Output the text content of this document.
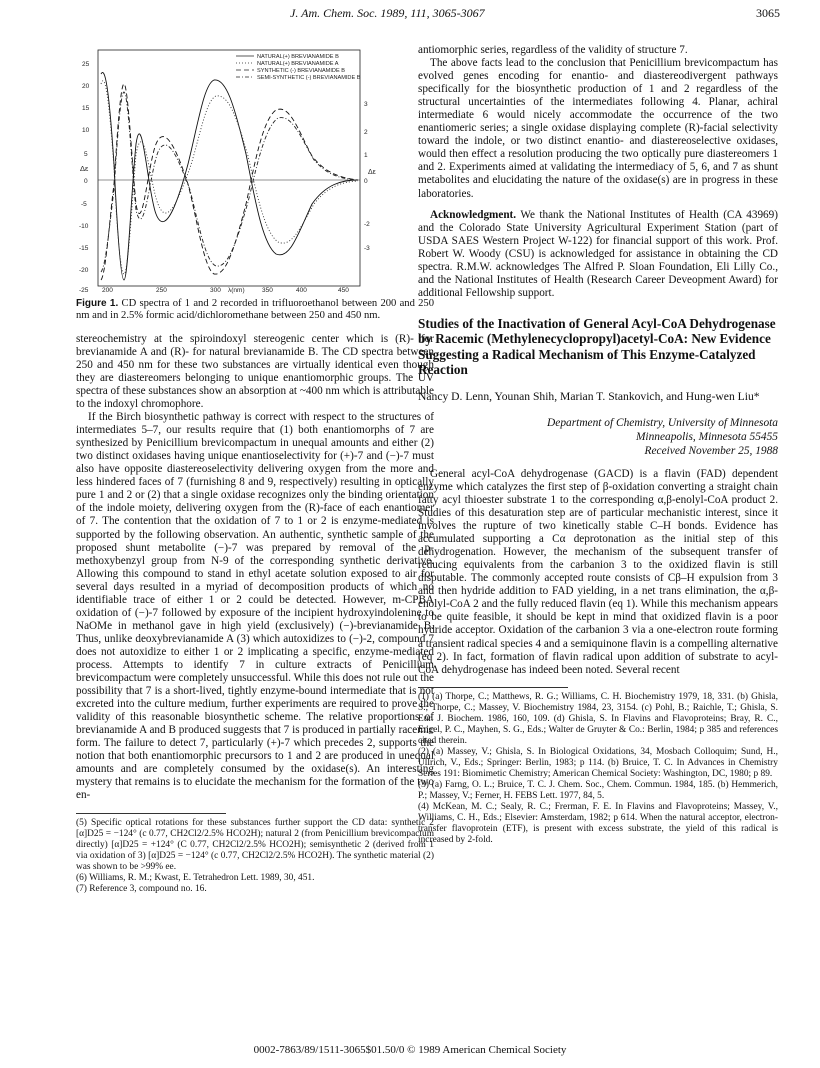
J. Am. Chem. Soc. 1989, 111, 3065-3067	3065
25
20
15
10
5
0
-5
-10
-15
-20
-25
3
2
1
0
-2
-3
200	250	300 λ(nm)	350	400	450
Δε	Δε
NATURAL(+) BREVIANAMIDE B
NATURAL(+) BREVIANAMIDE A
SYNTHETIC (-) BREVIANAMIDE B
SEMI-SYNTHETIC (-) BREVIANAMIDE B
Figure 1. CD spectra of 1 and 2 recorded in trifluoroethanol between 200 and 250 nm and in 2.5% formic acid/dichloromethane between 250 and 450 nm.

stereochemistry at the spiroindoxyl stereogenic center which is (R)- for brevianamide A and (R)- for natural brevianamide B. The CD spectra between 250 and 450 nm for these two substances are virtually identical even though they are diastereomers belonging to unique enantiomorphic groups. The UV spectra of these substances show an absorption at ~400 nm which is attributable to the indoxyl chromophore.

If the Birch biosynthetic pathway is correct with respect to the structures of intermediates 5–7, our results require that (1) both enantiomorphs of 7 are synthesized by Penicillium brevicompactum in unequal amounts and either (2) two distinct oxidases having unique enantioselectivity for (+)-7 and (−)-7 must also have opposite diastereoselectivity delivering oxygen from the more and less hindered faces of 7 (furnishing 8 and 9, respectively) resulting in optically pure 1 and 2 or (2) that a single oxidase recognizes only the binding orientation of the indole moiety, delivering oxygen from the (R)-face of each enantiomer of 7. The contention that the oxidation of 7 to 1 or 2 is enzyme-mediated is supported by the following observation. An authentic, synthetic sample of the proposed shunt metabolite (−)-7 was prepared by removal of the p-methoxybenzyl group from N-9 of the corresponding synthetic derivative. Allowing this compound to stand in ethyl acetate solution exposed to air for several days resulted in a myriad of decomposition products of which no identifiable trace of either 1 or 2 could be detected. However, m-CPBA oxidation of (−)-7 followed by exposure of the incipient hydroxyindolenine to NaOMe in methanol gave in high yield (exclusively) (−)-brevianamide B. Thus, unlike deoxybrevianamide A (3) which autoxidizes to (−)-2, compound 7 does not autoxidize to either 1 or 2 implicating a specific, enzyme-mediated process. Attempts to identify 7 in culture extracts of Penicillium brevicompactum were completely unsuccessful. While this does not rule out the possibility that 7 is a short-lived, tightly enzyme-bound intermediate that is not excreted into the culture medium, further experiments are required to prove the validity of this reasonable biosynthetic scheme. The relative proportions of brevianamide A and B produced suggests that 7 is produced in partially racemic form. The failure to detect 7, particularly (+)-7 which precedes 2, supports the notion that both enantiomorphic precursors to 1 and 2 are produced in unequal amounts and are completely consumed by the oxidase(s). An interesting mystery that remains is to elucidate the mechanism for the formation of the two en-

(5) Specific optical rotations for these substances further support the CD data: synthetic 2 [α]D25 = −124° (c 0.77, CH2Cl2/2.5% HCO2H); natural 2 (from Penicillium brevicompactum directly) [α]D25 = +124° (C 0.77, CH2Cl2/2.5% HCO2H); semisynthetic 2 (derived from 1 via oxidation of 3) [α]D25 = −124° (c 0.77, CH2Cl2/2.5% HCO2H). The synthetic material (2) was shown to be >99% ee.

(6) Williams, R. M.; Kwast, E. Tetrahedron Lett. 1989, 30, 451.

(7) Reference 3, compound no. 16.

antiomorphic series, regardless of the validity of structure 7.

The above facts lead to the conclusion that Penicillium brevicompactum has evolved genes encoding for enantio- and diastereodivergent pathways specifically for the biosynthetic production of 1 and 2 regardless of the structural uncertainties of the intermediates following 4. Planar, achiral intermediate 6 would nicely accommodate the occurrence of the two enantiomeric series; a single oxidase displaying complete (R)-facial selectivity toward the indole, or two distinct enantio- and diastereoselective oxidases, would then effect a resolution producing the two optically pure diastereomers 1 and 2. Experiments aimed at validating the intermediacy of 5, 6, and 7 as shunt metabolites and elucidating the nature of the oxidase(s) are in progress in these laboratories.

Acknowledgment. We thank the National Institutes of Health (CA 43969) and the Colorado State University Agricultural Experiment Station (part of USDA SAES Western Project W-122) for financial support of this work. Prof. Robert W. Woody (CSU) is acknowledged for assistance in obtaining the CD spectra. R.M.W. acknowledges The Alfred P. Sloan Foundation, Eli Lilly Co., and the National Institutes of Health (Research Career Deveopment Award) for additional Fellowship support.

Studies of the Inactivation of General Acyl-CoA Dehydrogenase by Racemic (Methylenecyclopropyl)acetyl-CoA: New Evidence Suggesting a Radical Mechanism of This Enzyme-Catalyzed Reaction
Nancy D. Lenn, Younan Shih, Marian T. Stankovich, and Hung-wen Liu*
Department of Chemistry, University of Minnesota
Minneapolis, Minnesota 55455
Received November 25, 1988

General acyl-CoA dehydrogenase (GACD) is a flavin (FAD) dependent enzyme which catalyzes the first step of β-oxidation converting a straight chain fatty acyl thioester substrate 1 to the corresponding α,β-enolyl-CoA product 2. Studies of this desaturation step are of particular mechanistic interest, since it involves the rupture of two kinetically stable C–H bonds. Evidence has accumulated supporting a Cα deprotonation as the initial step of this dehydrogenation. However, the mechanism of the subsequent transfer of reducing equivalents from the carbanion 3 to the oxidized flavin is still disputable. The commonly accepted route consists of Cβ–H expulsion from 3 and then hydride addition to FAD yielding, in a net trans elimination, the α,β-enolyl-CoA 2 and the fully reduced flavin (eq 1). While this mechanism appears to be quite feasible, it should be kept in mind that oxidized flavin is a poor hydride acceptor. Oxidation of the carbanion 3 via a one-electron route forming a transient radical species 4 and a semiquinone flavin is a compelling alternative (eq 2). In fact, formation of flavin radical upon addition of substrate to acyl-CoA dehydrogenase has indeed been noted. Several recent

(1) (a) Thorpe, C.; Matthews, R. G.; Williams, C. H. Biochemistry 1979, 18, 331. (b) Ghisla, S.; Thorpe, C.; Massey, V. Biochemistry 1984, 23, 3154. (c) Pohl, B.; Raichle, T.; Ghisla, S. Eur. J. Biochem. 1986, 160, 109. (d) Ghisla, S. In Flavins and Flavoproteins; Bray, R. C., Engel, P. C., Mayhen, S. G., Eds.; Walter de Gruyter & Co.: Berlin, 1984; p 385 and references cited therein.

(2) (a) Massey, V.; Ghisla, S. In Biological Oxidations, 34, Mosbach Colloquim; Sund, H., Ullrich, V., Eds.; Springer: Berlin, 1983; p 114. (b) Bruice, T. C. In Advances in Chemistry Series 191: Biomimetic Chemistry; American Chemical Society: Washington, DC, 1980; p 89.

(3) (a) Farng, O. L.; Bruice, T. C. J. Chem. Soc., Chem. Commun. 1984, 185. (b) Hemmerich, P.; Massey, V.; Ferner, H. FEBS Lett. 1977, 84, 5.

(4) McKean, M. C.; Sealy, R. C.; Frerman, F. E. In Flavins and Flavoproteins; Massey, V., Williams, C. H., Eds.; Elsevier: Amsterdam, 1982; p 614. When the natural acceptor, electron-transfer flavoprotein (ETF), is present with excess substrate, the yield of this radical is increased by 2-fold.

0002-7863/89/1511-3065$01.50/0 © 1989 American Chemical Society
